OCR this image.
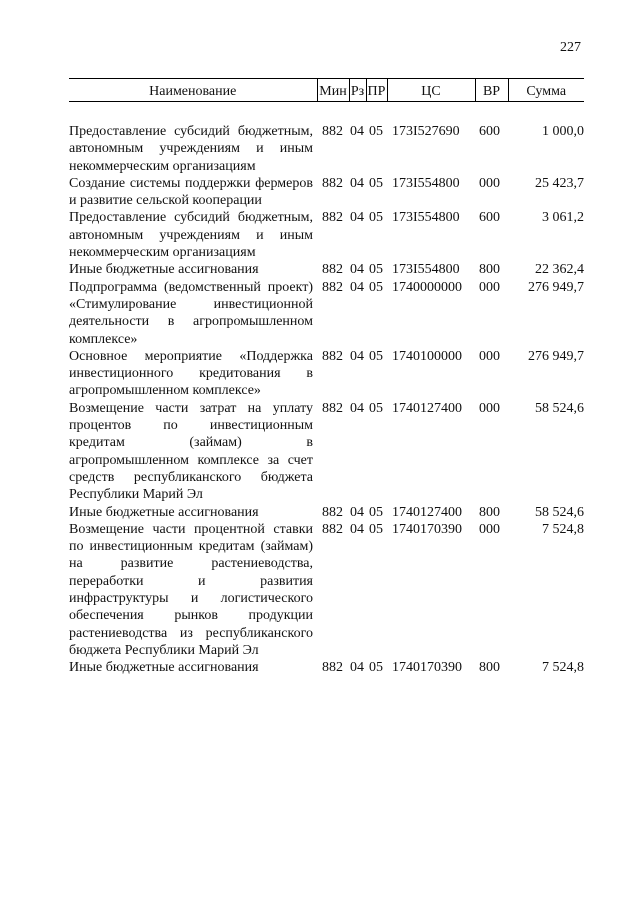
227
Наименование	Мин	Рз	ПР	ЦС	ВР	Сумма

Предоставление субсидий бюджетным, автономным учреждениям и иным некоммерческим организациям	882	04	05	173I527690	600	1 000,0
Создание системы поддержки фермеров и развитие сельской кооперации	882	04	05	173I554800	000	25 423,7
Предоставление субсидий бюджетным, автономным учреждениям и иным некоммерческим организациям	882	04	05	173I554800	600	3 061,2
Иные бюджетные ассигнования	882	04	05	173I554800	800	22 362,4
Подпрограмма (ведомственный проект) «Стимулирование инвестиционной деятельности в агропромышленном комплексе»	882	04	05	1740000000	000	276 949,7
Основное мероприятие «Поддержка инвестиционного кредитования в агропромышленном комплексе»	882	04	05	1740100000	000	276 949,7
Возмещение части затрат на уплату процентов по инвестиционным кредитам (займам) в агропромышленном комплексе за счет средств республиканского бюджета Республики Марий Эл	882	04	05	1740127400	000	58 524,6
Иные бюджетные ассигнования	882	04	05	1740127400	800	58 524,6
Возмещение части процентной ставки по инвестиционным кредитам (займам) на развитие растениеводства, переработки и развития инфраструктуры и логистического обеспечения рынков продукции растениеводства из республиканского бюджета Республики Марий Эл	882	04	05	1740170390	000	7 524,8
Иные бюджетные ассигнования	882	04	05	1740170390	800	7 524,8
